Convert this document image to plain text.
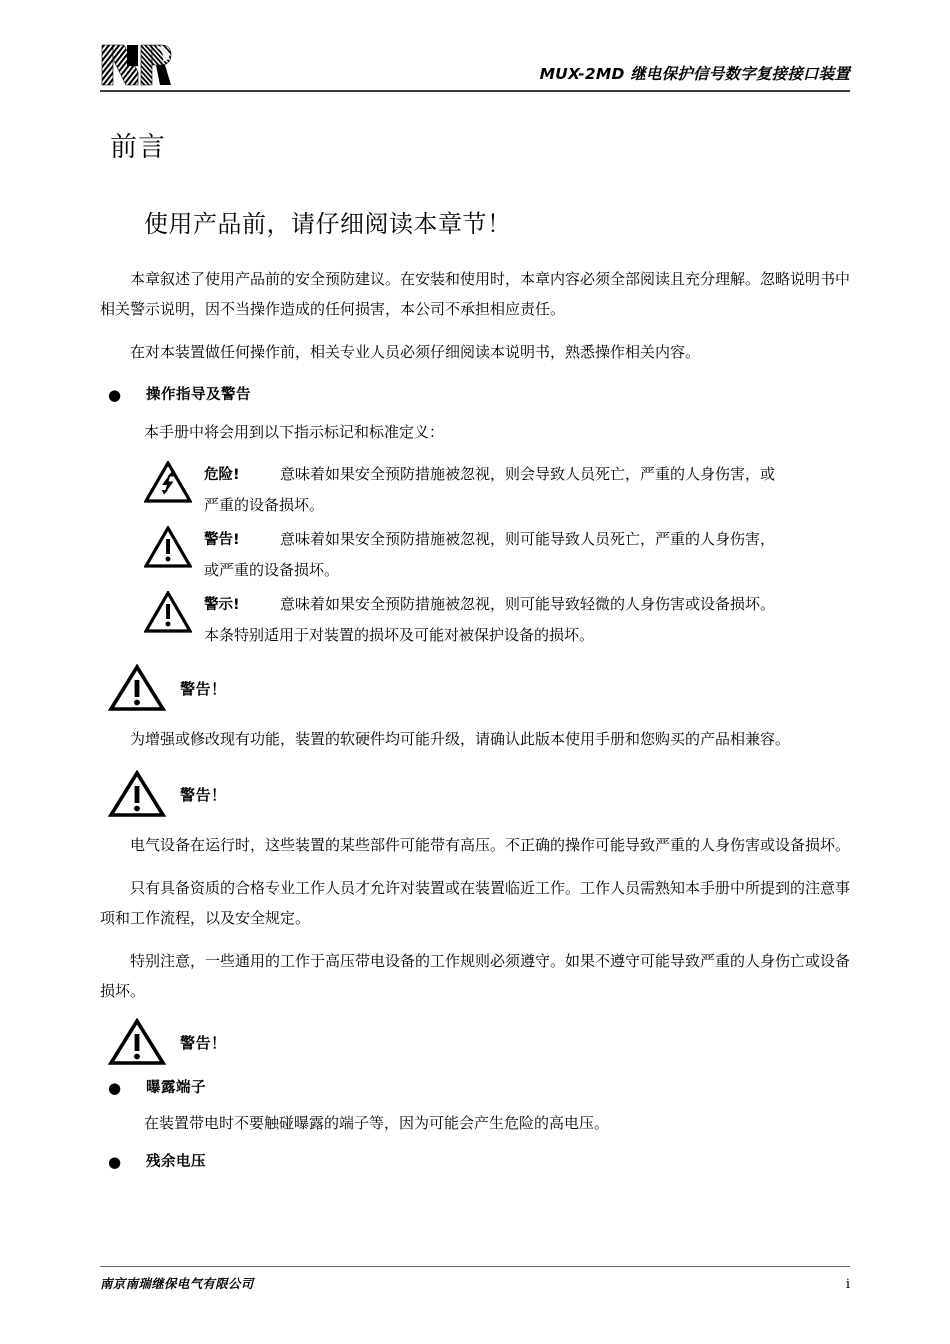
MUX-2MD 继电保护信号数字复接接口装置
前言
使用产品前，请仔细阅读本章节！
本章叙述了使用产品前的安全预防建议。在安装和使用时，本章内容必须全部阅读且充分理解。忽略说明书中相关警示说明，因不当操作造成的任何损害，本公司不承担相应责任。
在对本装置做任何操作前，相关专业人员必须仔细阅读本说明书，熟悉操作相关内容。
●	操作指导及警告
本手册中将会用到以下指示标记和标准定义：
危险!	意味着如果安全预防措施被忽视，则会导致人员死亡，严重的人身伤害，或
严重的设备损坏。
警告!	意味着如果安全预防措施被忽视，则可能导致人员死亡，严重的人身伤害，
或严重的设备损坏。
警示!	意味着如果安全预防措施被忽视，则可能导致轻微的人身伤害或设备损坏。
本条特别适用于对装置的损坏及可能对被保护设备的损坏。
警告！
为增强或修改现有功能，装置的软硬件均可能升级，请确认此版本使用手册和您购买的产品相兼容。
警告！
电气设备在运行时，这些装置的某些部件可能带有高压。不正确的操作可能导致严重的人身伤害或设备损坏。
只有具备资质的合格专业工作人员才允许对装置或在装置临近工作。工作人员需熟知本手册中所提到的注意事项和工作流程，以及安全规定。
特别注意，一些通用的工作于高压带电设备的工作规则必须遵守。如果不遵守可能导致严重的人身伤亡或设备损坏。
警告！
●	曝露端子
在装置带电时不要触碰曝露的端子等，因为可能会产生危险的高电压。
●	残余电压
南京南瑞继保电气有限公司	i
